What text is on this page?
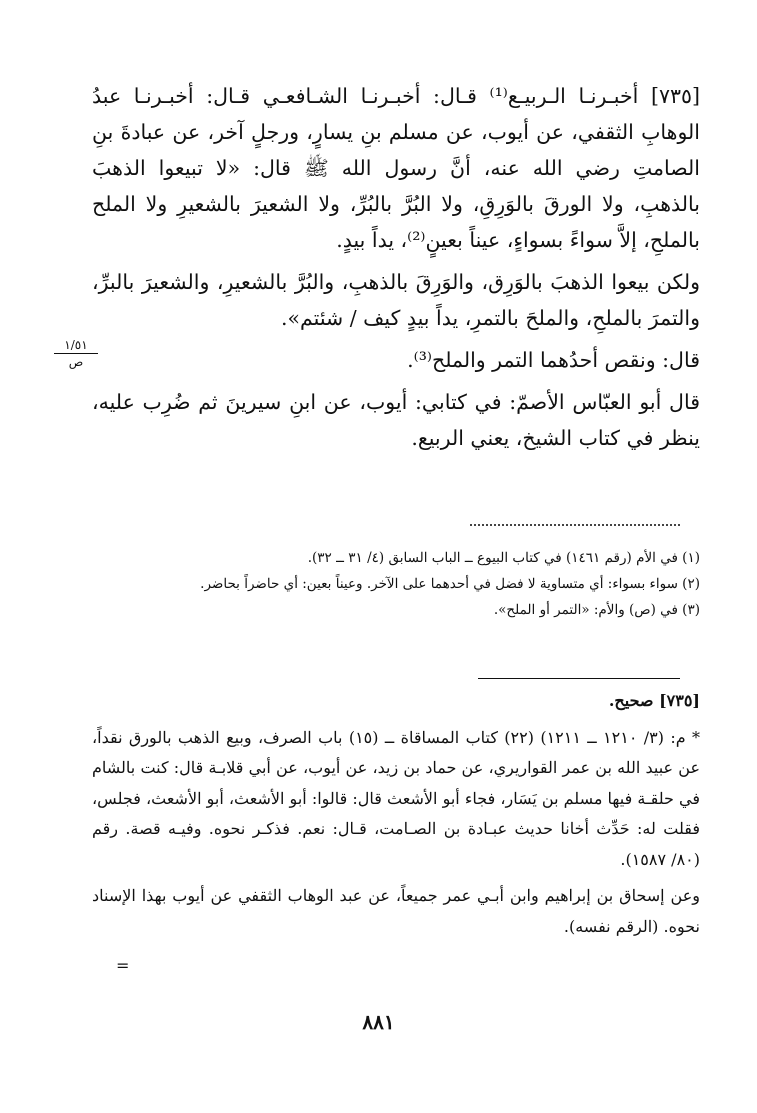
[٧٣٥] أخبـرنـا الـربيـع⁽¹⁾ قـال: أخبـرنـا الشـافعـي قـال: أخبـرنـا عبدُ الوهابِ الثقفي، عن أيوب، عن مسلم بنِ يسارٍ، ورجلٍ آخر، عن عبادةَ بنِ الصامتِ رضي الله عنه، أنَّ رسول الله ﷺ قال: «لا تبيعوا الذهبَ بالذهبِ، ولا الورقَ بالوَرِقِ، ولا البُرَّ بالبُرِّ، ولا الشعيرَ بالشعيرِ ولا الملح بالملحِ، إلاَّ سواءً بسواءٍ، عيناً بعينٍ⁽²⁾، يداً بيدٍ.

ولكن بيعوا الذهبَ بالوَرِق، والوَرِقَ بالذهبِ، والبُرَّ بالشعيرِ، والشعيرَ بالبرِّ، والتمرَ بالملحِ، والملحَ بالتمرِ، يداً بيدٍ كيف / شئتم».

قال: ونقص أحدُهما التمر والملح⁽³⁾.

قال أبو العبّاس الأصمّ: في كتابي: أيوب، عن ابنِ سيرينَ ثم ضُرِب عليه، ينظر في كتاب الشيخ، يعني الربيع.

١/٥١
ص
(١) في الأم (رقم ١٤٦١) في كتاب البيوع ــ الباب السابق (٤/ ٣١ ــ ٣٢).
(٢) سواء بسواء: أي متساوية لا فضل في أحدهما على الآخر. وعيناً بعين: أي حاضراً بحاضر.
(٣) في (ص) والأم: «التمر أو الملح».

[٧٣٥] صحيح.

* م: (٣/ ١٢١٠ ــ ١٢١١) (٢٢) كتاب المساقاة ــ (١٥) باب الصرف، وبيع الذهب بالورق نقداً، عن عبيد الله بن عمر القواريري، عن حماد بن زيد، عن أيوب، عن أبي قلابـة قال: كنت بالشام في حلقـة فيها مسلم بن يَسَار، فجاء أبو الأشعث قال: قالوا: أبو الأشعث، أبو الأشعث، فجلس، فقلت له: حَدِّث أخانا حديث عبـادة بن الصـامت، قـال: نعم. فذكـر نحوه. وفيـه قصة. رقم (٨٠/ ١٥٨٧).

وعن إسحاق بن إبراهيم وابن أبـي عمر جميعاً، عن عبد الوهاب الثقفي عن أيوب بهذا الإسناد نحوه. (الرقم نفسه).

=
٨٨١
